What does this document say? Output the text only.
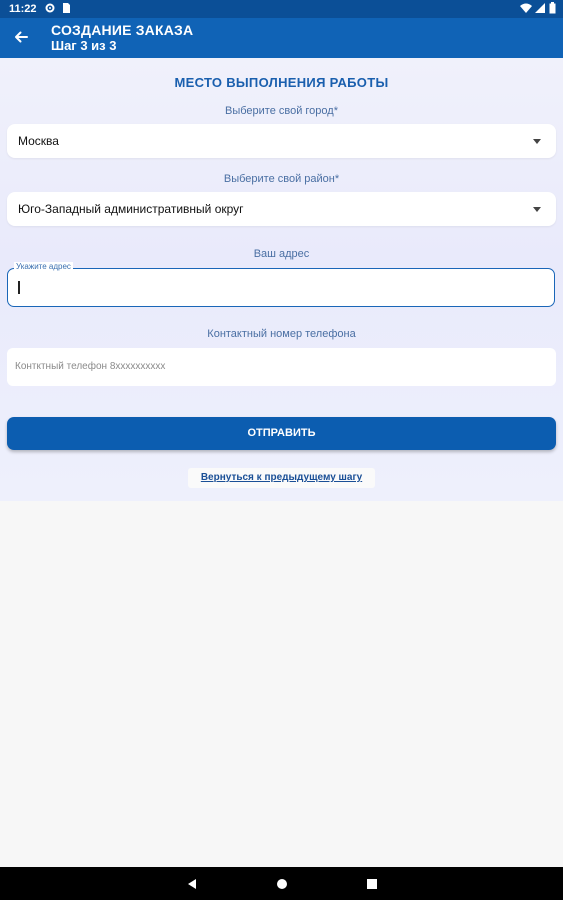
11:22
СОЗДАНИЕ ЗАКАЗА
Шаг 3 из 3
МЕСТО ВЫПОЛНЕНИЯ РАБОТЫ
Выберите свой город*
Москва
Выберите свой район*
Юго-Западный административный округ
Ваш адрес
Укажите адрес
Контактный номер телефона
Контктный телефон 8xxxxxxxxxx
ОТПРАВИТЬ
Вернуться к предыдущему шагу
